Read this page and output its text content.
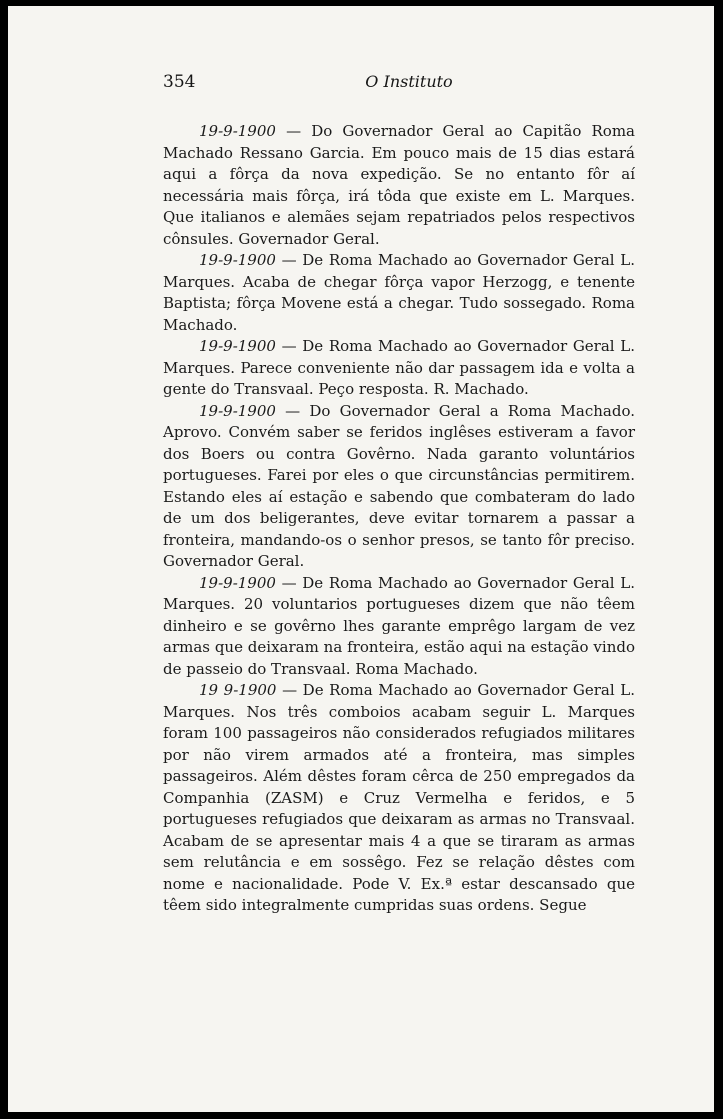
354	O Instituto

19-9-1900 — Do Governador Geral ao Capitão Roma Machado Ressano Garcia. Em pouco mais de 15 dias estará aqui a fôrça da nova expedição. Se no entanto fôr aí necessária mais fôrça, irá tôda que existe em L. Marques. Que italianos e alemães sejam repatriados pelos respectivos cônsules. Governador Geral.

19-9-1900 — De Roma Machado ao Governador Geral L. Marques. Acaba de chegar fôrça vapor Herzogg, e tenente Baptista; fôrça Movene está a chegar. Tudo sossegado. Roma Machado.

19-9-1900 — De Roma Machado ao Governador Geral L. Marques. Parece conveniente não dar passagem ida e volta a gente do Transvaal. Peço resposta. R. Machado.

19-9-1900 — Do Governador Geral a Roma Machado. Aprovo. Convém saber se feridos inglêses estiveram a favor dos Boers ou contra Govêrno. Nada garanto voluntários portugueses. Farei por eles o que circunstâncias permitirem. Estando eles aí estação e sabendo que combateram do lado de um dos beligerantes, deve evitar tornarem a passar a fronteira, mandando-os o senhor presos, se tanto fôr preciso. Governador Geral.

19-9-1900 — De Roma Machado ao Governador Geral L. Marques. 20 voluntarios portugueses dizem que não têem dinheiro e se govêrno lhes garante emprêgo largam de vez armas que deixaram na fronteira, estão aqui na estação vindo de passeio do Transvaal. Roma Machado.

19 9-1900 — De Roma Machado ao Governador Geral L. Marques. Nos três comboios acabam seguir L. Marques foram 100 passageiros não considerados refugiados militares por não virem armados até a fronteira, mas simples passageiros. Além dêstes foram cêrca de 250 empregados da Companhia (ZASM) e Cruz Vermelha e feridos, e 5 portugueses refugiados que deixaram as armas no Transvaal. Acabam de se apresentar mais 4 a que se tiraram as armas sem relutância e em sossêgo. Fez se relação dêstes com nome e nacionalidade. Pode V. Ex.ª estar descansado que têem sido integralmente cumpridas suas ordens. Segue
